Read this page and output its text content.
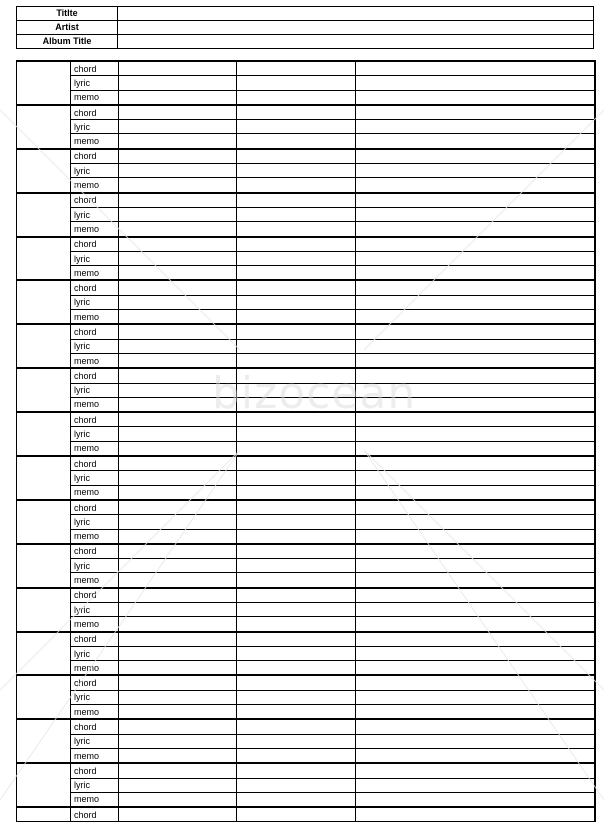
Titlte	
Artist	
Album Title	
	chord			
	lyric			
	memo			
	chord			
	lyric			
	memo			
	chord			
	lyric			
	memo			
	chord			
	lyric			
	memo			
	chord			
	lyric			
	memo			
	chord			
	lyric			
	memo			
	chord			
	lyric			
	memo			
	chord			
	lyric			
	memo			
	chord			
	lyric			
	memo			
	chord			
	lyric			
	memo			
	chord			
	lyric			
	memo			
	chord			
	lyric			
	memo			
	chord			
	lyric			
	memo			
	chord			
	lyric			
	memo			
	chord			
	lyric			
	memo			
	chord			
	lyric			
	memo			
	chord			
	lyric			
	memo			
	chord			
bizocean
